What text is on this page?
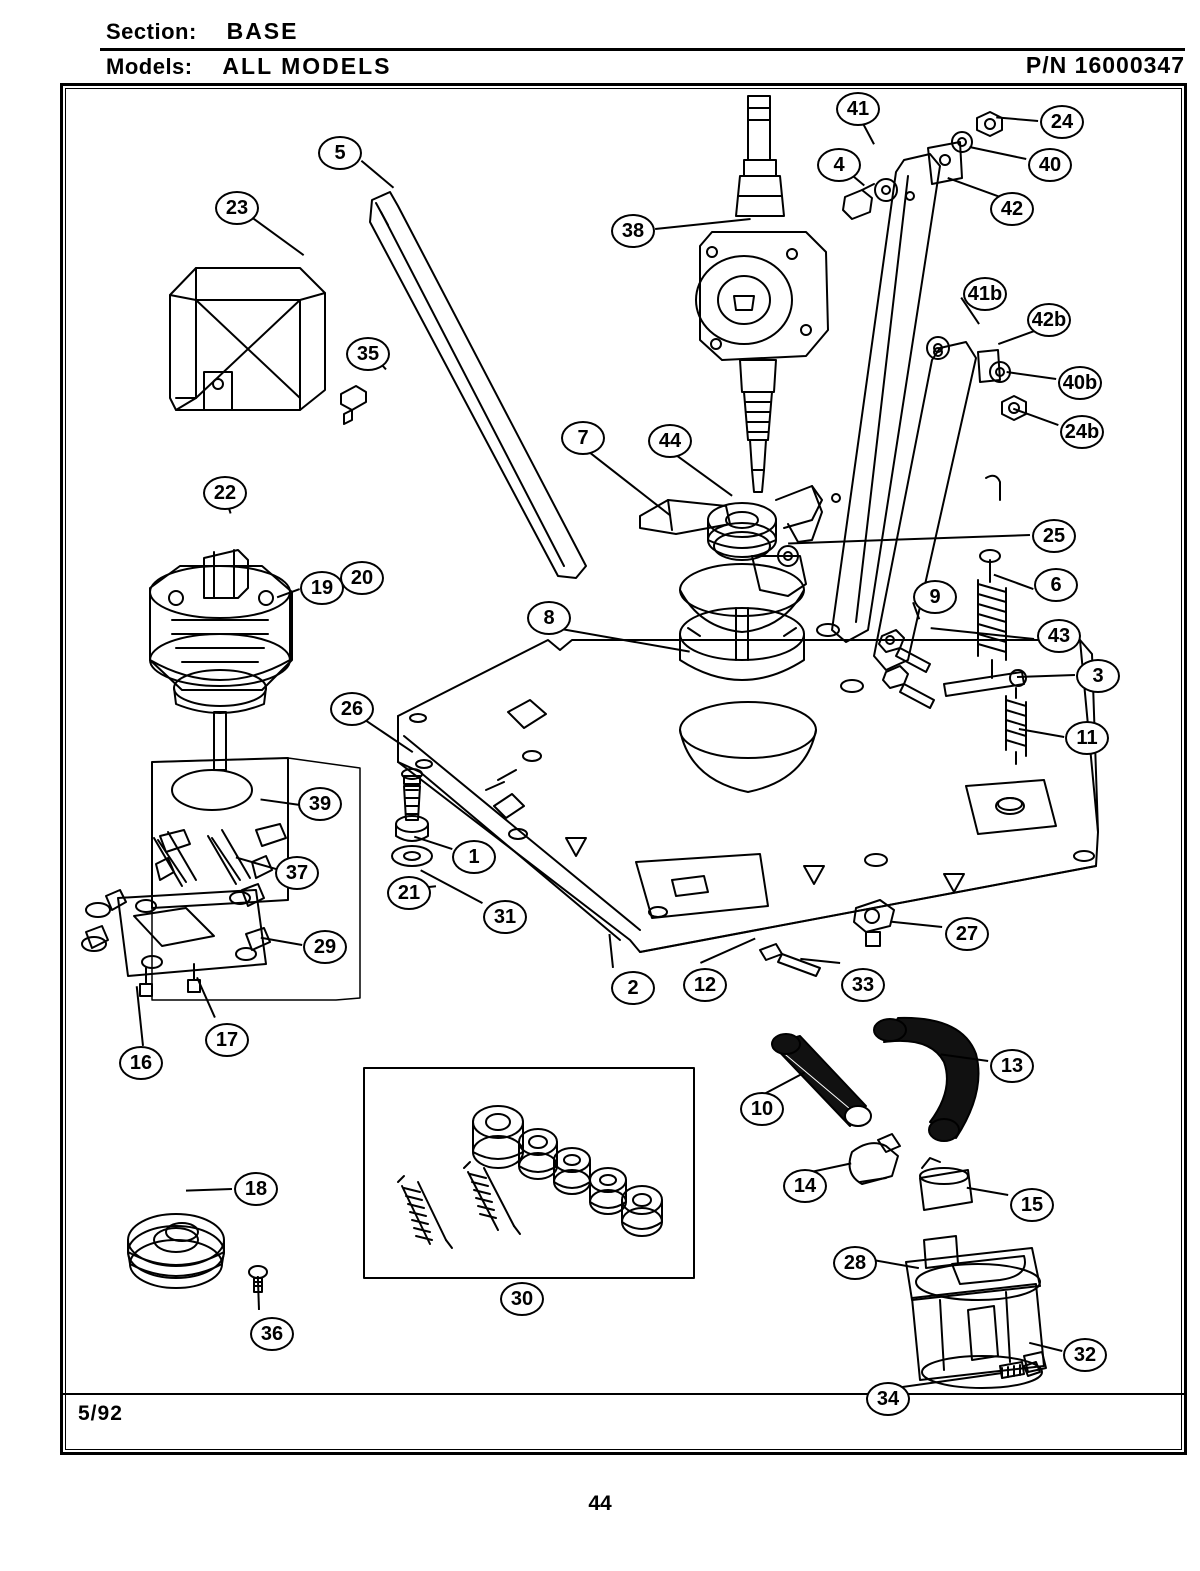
Section: BASE
Models: ALL MODELS	P/N 16000347
5/92
44
1
2
3
4
5
6
7
8
9
10
11
12
13
14
15
16
17
18
19 20
21
22
23
24
24b
25
26
27
28
29
30
31
32
33
34
35
36
37
38
39
40
40b
41
41b
42
42b
43
44
